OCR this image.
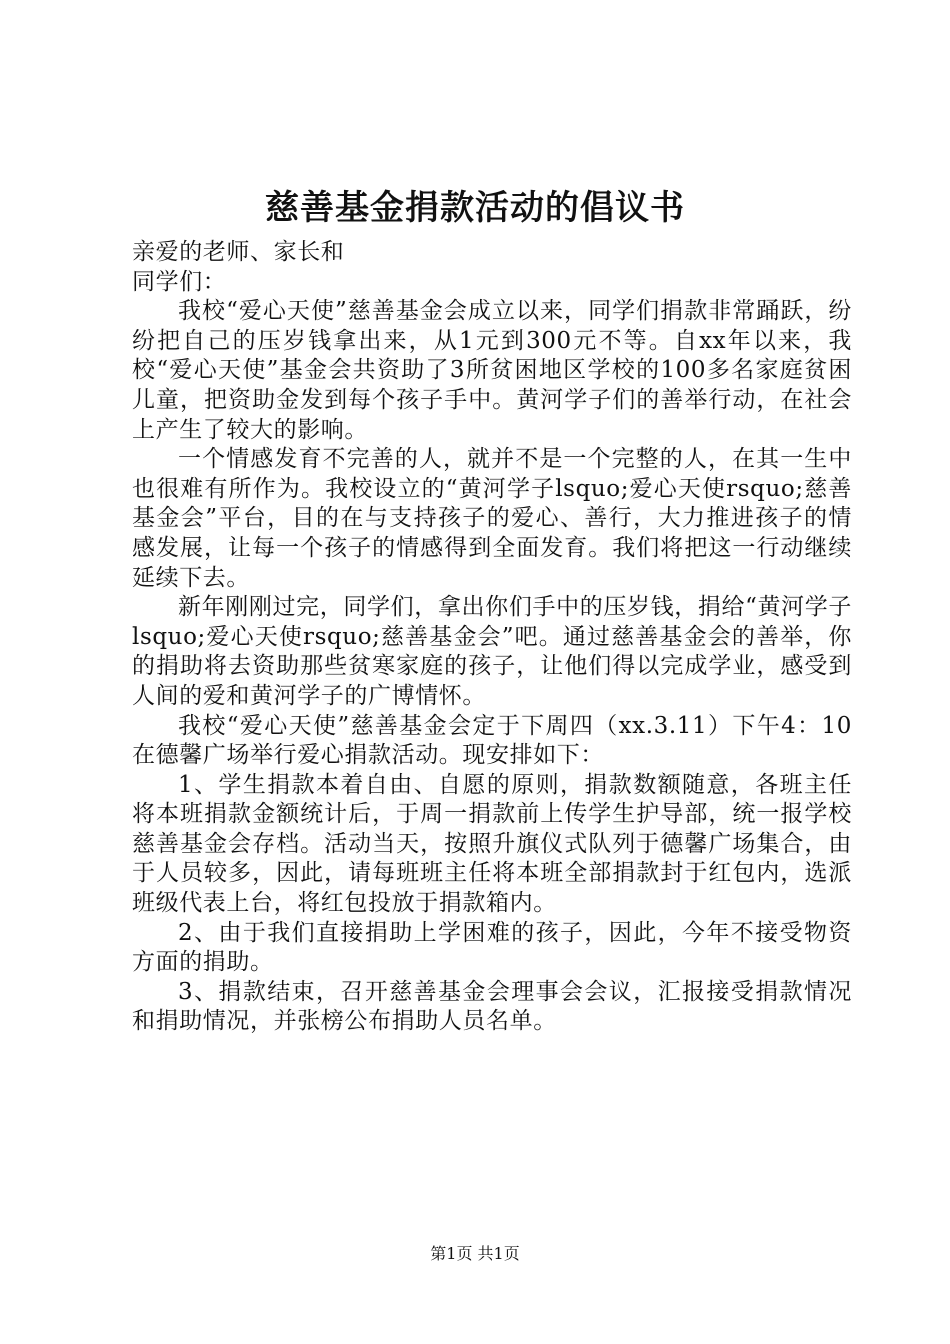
慈善基金捐款活动的倡议书

亲爱的老师、家长和

同学们：

我校“爱心天使”慈善基金会成立以来，同学们捐款非常踊跃，纷纷把自己的压岁钱拿出来，从1元到300元不等。自xx年以来，我校“爱心天使”基金会共资助了3所贫困地区学校的100多名家庭贫困儿童，把资助金发到每个孩子手中。黄河学子们的善举行动，在社会上产生了较大的影响。

一个情感发育不完善的人，就并不是一个完整的人，在其一生中也很难有所作为。我校设立的“黄河学子lsquo;爱心天使rsquo;慈善基金会”平台，目的在与支持孩子的爱心、善行，大力推进孩子的情感发展，让每一个孩子的情感得到全面发育。我们将把这一行动继续延续下去。

新年刚刚过完，同学们，拿出你们手中的压岁钱，捐给“黄河学子lsquo;爱心天使rsquo;慈善基金会”吧。通过慈善基金会的善举，你的捐助将去资助那些贫寒家庭的孩子，让他们得以完成学业，感受到人间的爱和黄河学子的广博情怀。

我校“爱心天使”慈善基金会定于下周四（xx.3.11）下午4：10在德馨广场举行爱心捐款活动。现安排如下：

1、学生捐款本着自由、自愿的原则，捐款数额随意，各班主任将本班捐款金额统计后，于周一捐款前上传学生护导部，统一报学校慈善基金会存档。活动当天，按照升旗仪式队列于德馨广场集合，由于人员较多，因此，请每班班主任将本班全部捐款封于红包内，选派班级代表上台，将红包投放于捐款箱内。

2、由于我们直接捐助上学困难的孩子，因此，今年不接受物资方面的捐助。

3、捐款结束，召开慈善基金会理事会会议，汇报接受捐款情况和捐助情况，并张榜公布捐助人员名单。

第1页 共1页
